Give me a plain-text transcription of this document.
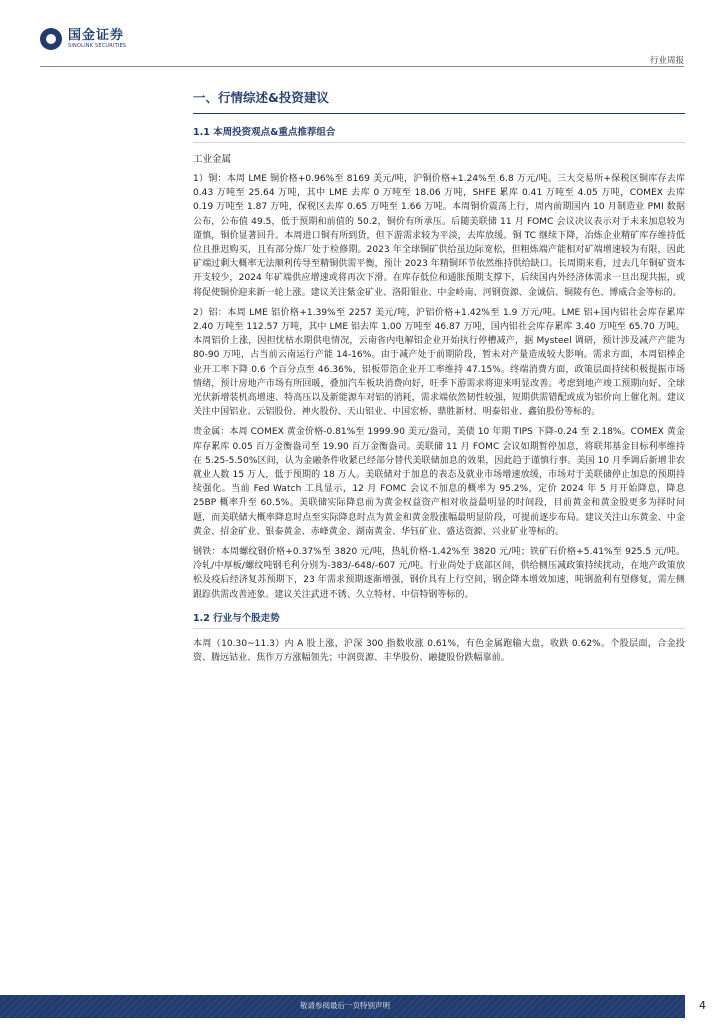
国金证券
SINOLINK SECURITIES
行业周报
一、行情综述&投资建议
1.1 本周投资观点&重点推荐组合
工业金属

1）铜：本周 LME 铜价格+0.96%至 8169 美元/吨，沪铜价格+1.24%至 6.8 万元/吨。三大交易所+保税区铜库存去库 0.43 万吨至 25.64 万吨，其中 LME 去库 0 万吨至 18.06 万吨，SHFE 累库 0.41 万吨至 4.05 万吨，COMEX 去库 0.19 万吨至 1.87 万吨，保税区去库 0.65 万吨至 1.66 万吨。本周铜价震荡上行，周内前期国内 10 月制造业 PMI 数据公布，公布值 49.5，低于预期和前值的 50.2，铜价有所承压。后随美联储 11 月 FOMC 会议决议表示对于未来加息较为谨慎，铜价显著回升。本周进口铜有所到货，但下游需求较为平淡，去库放缓。铜 TC 继续下降，冶炼企业精矿库存维持低位且推迟购买，且有部分炼厂处于检修期。2023 年全球铜矿供给虽边际宽松，但粗炼端产能相对矿端增速较为有限，因此矿端过剩大概率无法顺利传导至精铜供需平衡，预计 2023 年精铜环节依然维持供给缺口。长周期来看，过去几年铜矿资本开支较少，2024 年矿端供应增速或将再次下滑。在库存低位和通胀预期支撑下，后续国内外经济体需求一旦出现共振，或将促使铜价迎来新一轮上涨。建议关注紫金矿业、洛阳钼业、中金岭南、河钢资源、金诚信、铜陵有色、博威合金等标的。

2）铝：本周 LME 铝价格+1.39%至 2257 美元/吨，沪铝价格+1.42%至 1.9 万元/吨。LME 铝+国内铝社会库存累库 2.40 万吨至 112.57 万吨，其中 LME 铝去库 1.00 万吨至 46.87 万吨，国内铝社会库存累库 3.40 万吨至 65.70 万吨。本周铝价上涨，因担忧枯水期供电情况，云南省内电解铝企业开始执行停槽减产，据 Mysteel 调研，预计涉及减产产能为 80-90 万吨，占当前云南运行产能 14-16%。由于减产处于前期阶段，暂未对产量造成较大影响。需求方面，本周铝棒企业开工率下降 0.6 个百分点至 46.36%，铝板带箔企业开工率维持 47.15%。终端消费方面，政策层面持续积极提振市场情绪，预计房地产市场有所回暖，叠加汽车板块消费向好，旺季下游需求将迎来明显改善。考虑到地产竣工预期向好、全球光伏新增装机高增速、特高压以及新能源车对铝的消耗，需求端依然韧性较强，短期供需错配或成为铝价向上催化剂。建议关注中国铝业、云铝股份、神火股份、天山铝业、中国宏桥、鼎胜新材、明泰铝业、鑫铂股份等标的。

贵金属：本周 COMEX 黄金价格-0.81%至 1999.90 美元/盎司，美债 10 年期 TIPS 下降-0.24 至 2.18%。COMEX 黄金库存累库 0.05 百万金衡盎司至 19.90 百万金衡盎司。美联储 11 月 FOMC 会议如期暂停加息，将联邦基金目标利率维持在 5.25-5.50%区间，认为金融条件收紧已经部分替代美联储加息的效果，因此趋于谨慎行事。美国 10 月季调后新增非农就业人数 15 万人，低于预期的 18 万人。美联储对于加息的表态及就业市场增速放缓，市场对于美联储停止加息的预期持续强化。当前 Fed Watch 工具显示，12 月 FOMC 会议不加息的概率为 95.2%，定价 2024 年 5 月开始降息，降息 25BP 概率升至 60.5%。美联储实际降息前为黄金权益资产相对收益最明显的时间段，目前黄金和黄金股更多为择时问题，而美联储大概率降息时点至实际降息时点为黄金和黄金股涨幅最明显阶段，可提前逐步布局。建议关注山东黄金、中金黄金、招金矿业、银泰黄金、赤峰黄金、湖南黄金、华钰矿业、盛达资源、兴业矿业等标的。

钢铁：本周螺纹钢价格+0.37%至 3820 元/吨，热轧价格-1.42%至 3820 元/吨；铁矿石价格+5.41%至 925.5 元/吨。冷轧/中厚板/螺纹吨钢毛利分别为-383/-648/-607 元/吨。行业尚处于底部区间，供给侧压减政策持续扰动，在地产政策放松及疫后经济复苏预期下，23 年需求预期逐渐增强，钢价具有上行空间，钢企降本增效加速，吨钢盈利有望修复，需左侧跟踪供需改善迹象。建议关注武进不锈、久立特材、中信特钢等标的。

1.2 行业与个股走势

本周（10.30~11.3）内 A 股上涨，沪深 300 指数收涨 0.61%，有色金属跑输大盘，收跌 0.62%。个股层面，合金投资、腾远钴业、焦作万方涨幅领先；中润资源、丰华股份、融捷股份跌幅靠前。

敬请参阅最后一页特别声明	4
